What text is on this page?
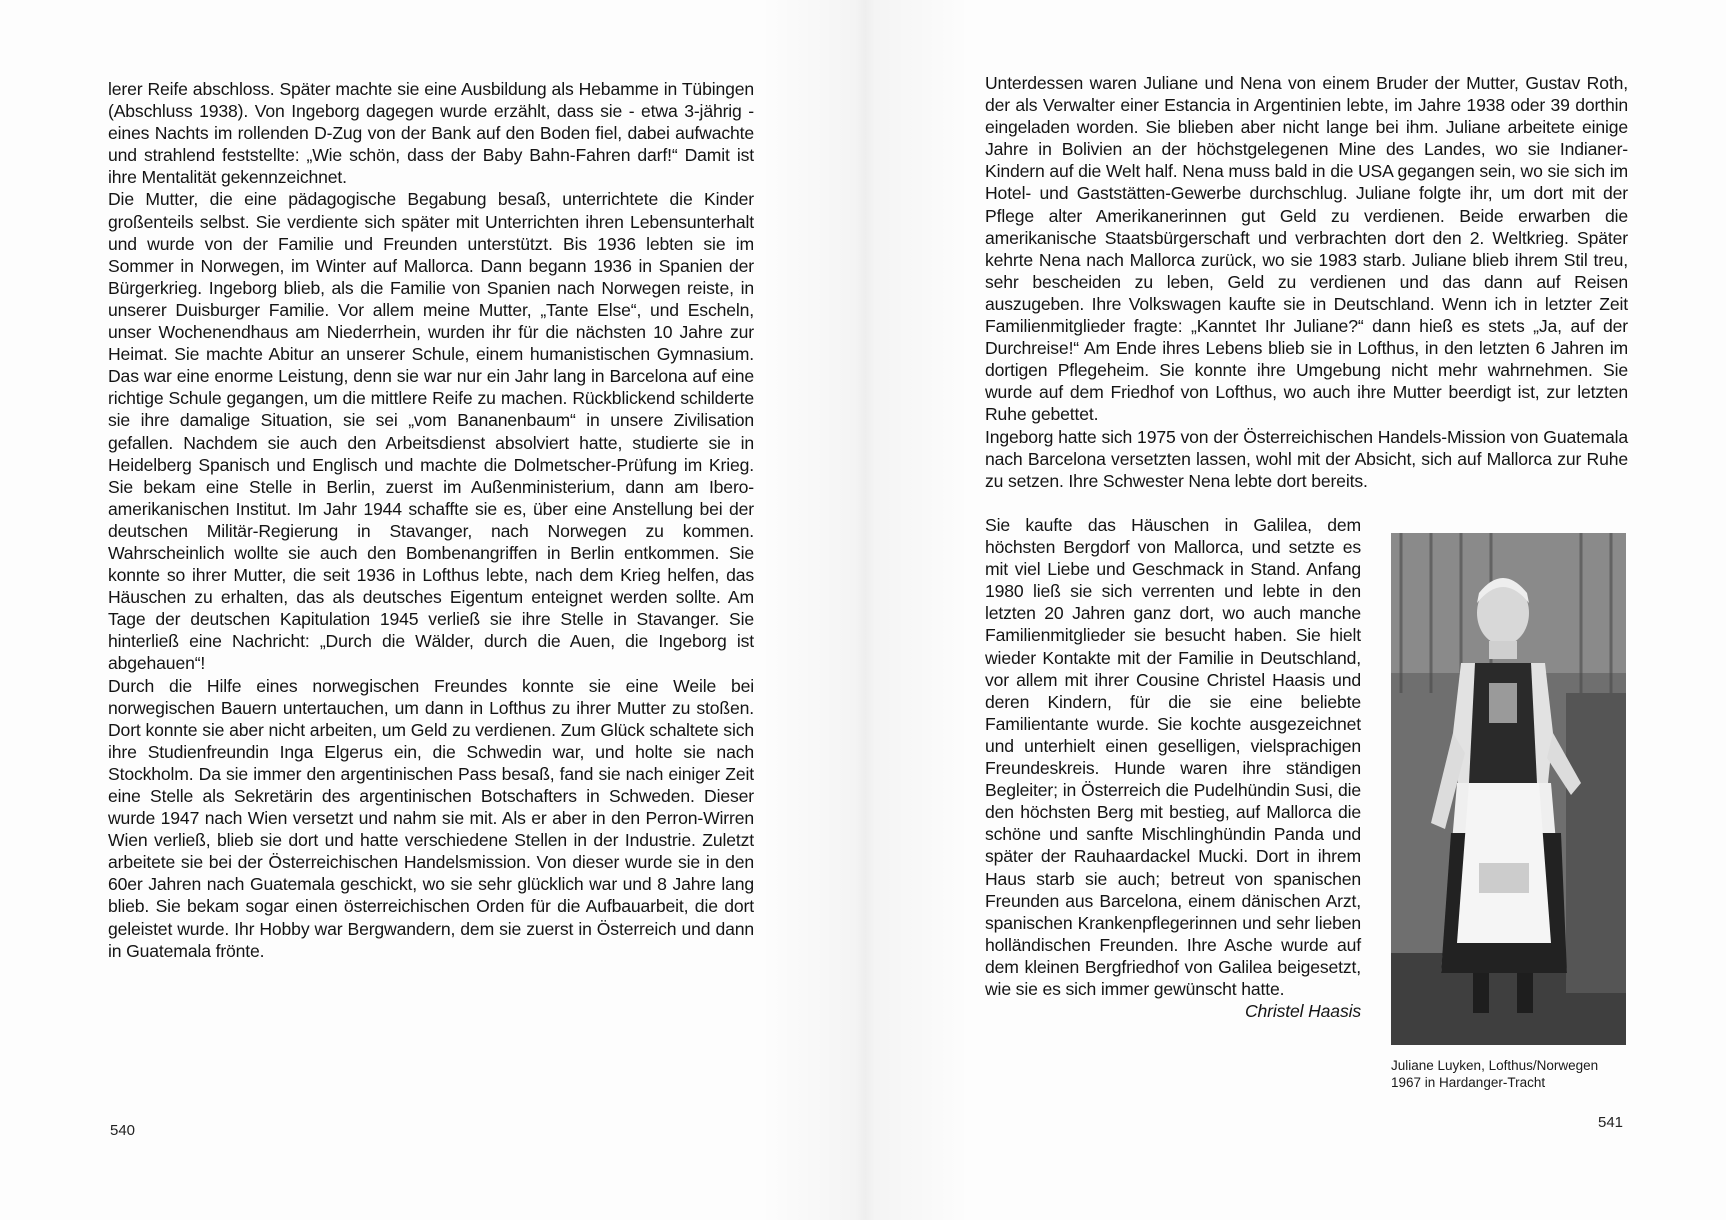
lerer Reife abschloss. Später machte sie eine Ausbildung als Hebamme in Tübingen (Abschluss 1938). Von Ingeborg dagegen wurde erzählt, dass sie - etwa 3-jährig - eines Nachts im rollenden D-Zug von der Bank auf den Boden fiel, dabei aufwachte und strahlend feststellte: „Wie schön, dass der Baby Bahn-Fahren darf!“ Damit ist ihre Mentalität gekennzeichnet.

Die Mutter, die eine pädagogische Begabung besaß, unterrichtete die Kinder großenteils selbst. Sie verdiente sich später mit Unterrichten ihren Lebensunterhalt und wurde von der Familie und Freunden unterstützt. Bis 1936 lebten sie im Sommer in Norwegen, im Winter auf Mallorca. Dann begann 1936 in Spanien der Bürgerkrieg. Ingeborg blieb, als die Familie von Spanien nach Norwegen reiste, in unserer Duisburger Familie. Vor allem meine Mutter, „Tante Else“, und Escheln, unser Wochenendhaus am Niederrhein, wurden ihr für die nächsten 10 Jahre zur Heimat. Sie machte Abitur an unserer Schule, einem humanistischen Gymnasium. Das war eine enorme Leistung, denn sie war nur ein Jahr lang in Barcelona auf eine richtige Schule gegangen, um die mittlere Reife zu machen. Rückblickend schilderte sie ihre damalige Situation, sie sei „vom Bananenbaum“ in unsere Zivilisation gefallen. Nachdem sie auch den Arbeitsdienst absolviert hatte, studierte sie in Heidelberg Spanisch und Englisch und machte die Dolmetscher-Prüfung im Krieg. Sie bekam eine Stelle in Berlin, zuerst im Außenministerium, dann am Ibero-amerikanischen Institut. Im Jahr 1944 schaffte sie es, über eine Anstellung bei der deutschen Militär-Regierung in Stavanger, nach Norwegen zu kommen. Wahrscheinlich wollte sie auch den Bombenangriffen in Berlin entkommen. Sie konnte so ihrer Mutter, die seit 1936 in Lofthus lebte, nach dem Krieg helfen, das Häuschen zu erhalten, das als deutsches Eigentum enteignet werden sollte. Am Tage der deutschen Kapitulation 1945 verließ sie ihre Stelle in Stavanger. Sie hinterließ eine Nachricht: „Durch die Wälder, durch die Auen, die Ingeborg ist abgehauen“!

Durch die Hilfe eines norwegischen Freundes konnte sie eine Weile bei norwegischen Bauern untertauchen, um dann in Lofthus zu ihrer Mutter zu stoßen. Dort konnte sie aber nicht arbeiten, um Geld zu verdienen. Zum Glück schaltete sich ihre Studienfreundin Inga Elgerus ein, die Schwedin war, und holte sie nach Stockholm. Da sie immer den argentinischen Pass besaß, fand sie nach einiger Zeit eine Stelle als Sekretärin des argentinischen Botschafters in Schweden. Dieser wurde 1947 nach Wien versetzt und nahm sie mit. Als er aber in den Perron-Wirren Wien verließ, blieb sie dort und hatte verschiedene Stellen in der Industrie. Zuletzt arbeitete sie bei der Österreichischen Handelsmission. Von dieser wurde sie in den 60er Jahren nach Guatemala geschickt, wo sie sehr glücklich war und 8 Jahre lang blieb. Sie bekam sogar einen österreichischen Orden für die Aufbauarbeit, die dort geleistet wurde. Ihr Hobby war Bergwandern, dem sie zuerst in Österreich und dann in Guatemala frönte.

540

Unterdessen waren Juliane und Nena von einem Bruder der Mutter, Gustav Roth, der als Verwalter einer Estancia in Argentinien lebte, im Jahre 1938 oder 39 dorthin eingeladen worden. Sie blieben aber nicht lange bei ihm. Juliane arbeitete einige Jahre in Bolivien an der höchstgelegenen Mine des Landes, wo sie Indianer-Kindern auf die Welt half. Nena muss bald in die USA gegangen sein, wo sie sich im Hotel- und Gaststätten-Gewerbe durchschlug. Juliane folgte ihr, um dort mit der Pflege alter Amerikanerinnen gut Geld zu verdienen. Beide erwarben die amerikanische Staatsbürgerschaft und verbrachten dort den 2. Weltkrieg. Später kehrte Nena nach Mallorca zurück, wo sie 1983 starb. Juliane blieb ihrem Stil treu, sehr bescheiden zu leben, Geld zu verdienen und das dann auf Reisen auszugeben. Ihre Volkswagen kaufte sie in Deutschland. Wenn ich in letzter Zeit Familienmitglieder fragte: „Kanntet Ihr Juliane?“ dann hieß es stets „Ja, auf der Durchreise!“ Am Ende ihres Lebens blieb sie in Lofthus, in den letzten 6 Jahren im dortigen Pflegeheim. Sie konnte ihre Umgebung nicht mehr wahrnehmen. Sie wurde auf dem Friedhof von Lofthus, wo auch ihre Mutter beerdigt ist, zur letzten Ruhe gebettet.

Ingeborg hatte sich 1975 von der Österreichischen Handels-Mission von Guatemala nach Barcelona versetzten lassen, wohl mit der Absicht, sich auf Mallorca zur Ruhe zu setzen. Ihre Schwester Nena lebte dort bereits.

Sie kaufte das Häuschen in Galilea, dem höchsten Bergdorf von Mallorca, und setzte es mit viel Liebe und Geschmack in Stand. Anfang 1980 ließ sie sich verrenten und lebte in den letzten 20 Jahren ganz dort, wo auch manche Familienmitglieder sie besucht haben. Sie hielt wieder Kontakte mit der Familie in Deutschland, vor allem mit ihrer Cousine Christel Haasis und deren Kindern, für die sie eine beliebte Familientante wurde. Sie kochte ausgezeichnet und unterhielt einen geselligen, vielsprachigen Freundeskreis. Hunde waren ihre ständigen Begleiter; in Österreich die Pudelhündin Susi, die den höchsten Berg mit bestieg, auf Mallorca die schöne und sanfte Mischlinghündin Panda und später der Rauhaardackel Mucki. Dort in ihrem Haus starb sie auch; betreut von spanischen Freunden aus Barcelona, einem dänischen Arzt, spanischen Krankenpflegerinnen und sehr lieben holländischen Freunden. Ihre Asche wurde auf dem kleinen Bergfriedhof von Galilea beigesetzt, wie sie es sich immer gewünscht hatte.
Christel Haasis

Juliane Luyken, Lofthus/Norwegen
1967 in Hardanger-Tracht
541
